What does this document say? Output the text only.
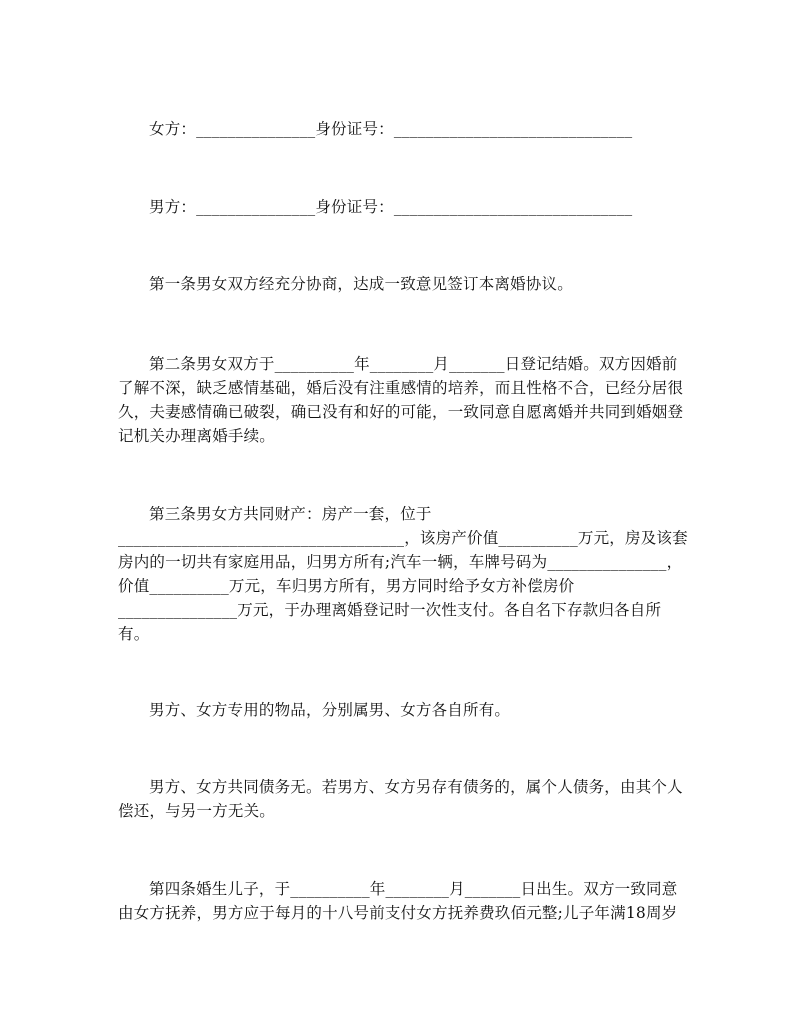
女方：_______________身份证号：______________________________

男方：_______________身份证号：______________________________

第一条男女双方经充分协商，达成一致意见签订本离婚协议。

第二条男女双方于__________年________月_______日登记结婚。双方因婚前了解不深，缺乏感情基础，婚后没有注重感情的培养，而且性格不合，已经分居很久，夫妻感情确已破裂，确已没有和好的可能，一致同意自愿离婚并共同到婚姻登记机关办理离婚手续。

第三条男女方共同财产：房产一套，位于____________________________________，该房产价值__________万元，房及该套房内的一切共有家庭用品，归男方所有;汽车一辆，车牌号码为_______________，价值__________万元，车归男方所有，男方同时给予女方补偿房价_______________万元，于办理离婚登记时一次性支付。各自名下存款归各自所有。

男方、女方专用的物品，分别属男、女方各自所有。

男方、女方共同债务无。若男方、女方另存有债务的，属个人债务，由其个人偿还，与另一方无关。

第四条婚生儿子，于__________年________月_______日出生。双方一致同意由女方抚养，男方应于每月的十八号前支付女方抚养费玖佰元整;儿子年满18周岁
